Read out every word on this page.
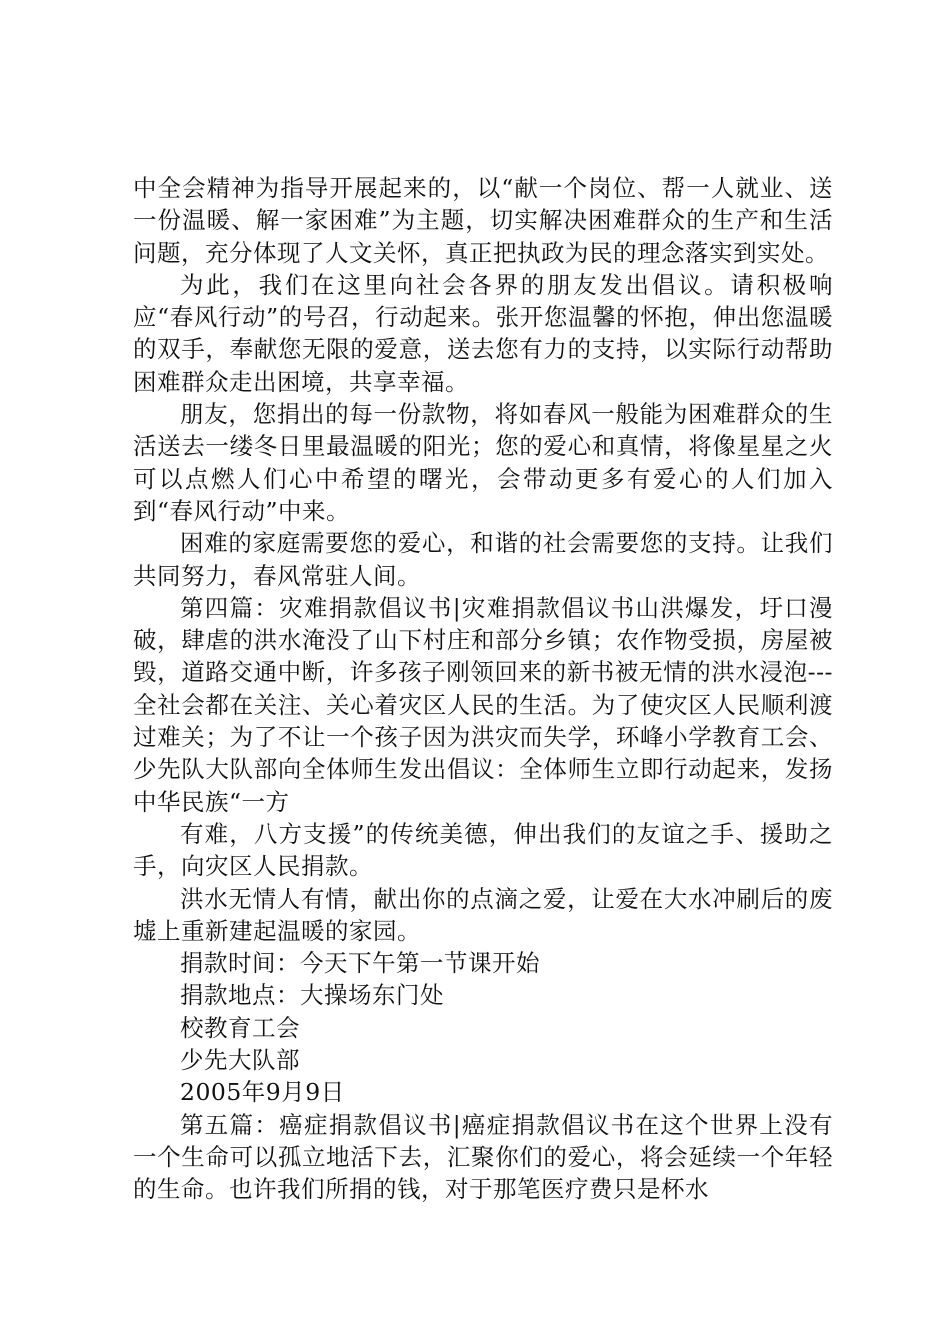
中全会精神为指导开展起来的，以“献一个岗位、帮一人就业、送一份温暖、解一家困难”为主题，切实解决困难群众的生产和生活问题，充分体现了人文关怀，真正把执政为民的理念落实到实处。

为此，我们在这里向社会各界的朋友发出倡议。请积极响应“春风行动”的号召，行动起来。张开您温馨的怀抱，伸出您温暖的双手，奉献您无限的爱意，送去您有力的支持，以实际行动帮助困难群众走出困境，共享幸福。

朋友，您捐出的每一份款物，将如春风一般能为困难群众的生活送去一缕冬日里最温暖的阳光；您的爱心和真情，将像星星之火可以点燃人们心中希望的曙光，会带动更多有爱心的人们加入到“春风行动”中来。

困难的家庭需要您的爱心，和谐的社会需要您的支持。让我们共同努力，春风常驻人间。

第四篇：灾难捐款倡议书|灾难捐款倡议书山洪爆发，圩口漫破，肆虐的洪水淹没了山下村庄和部分乡镇；农作物受损，房屋被毁，道路交通中断，许多孩子刚领回来的新书被无情的洪水浸泡---全社会都在关注、关心着灾区人民的生活。为了使灾区人民顺利渡过难关；为了不让一个孩子因为洪灾而失学，环峰小学教育工会、少先队大队部向全体师生发出倡议：全体师生立即行动起来，发扬中华民族“一方

有难，八方支援”的传统美德，伸出我们的友谊之手、援助之手，向灾区人民捐款。

洪水无情人有情，献出你的点滴之爱，让爱在大水冲刷后的废墟上重新建起温暖的家园。

捐款时间：今天下午第一节课开始

捐款地点：大操场东门处

校教育工会

少先大队部

2005年9月9日

第五篇：癌症捐款倡议书|癌症捐款倡议书在这个世界上没有一个生命可以孤立地活下去，汇聚你们的爱心，将会延续一个年轻的生命。也许我们所捐的钱，对于那笔医疗费只是杯水
